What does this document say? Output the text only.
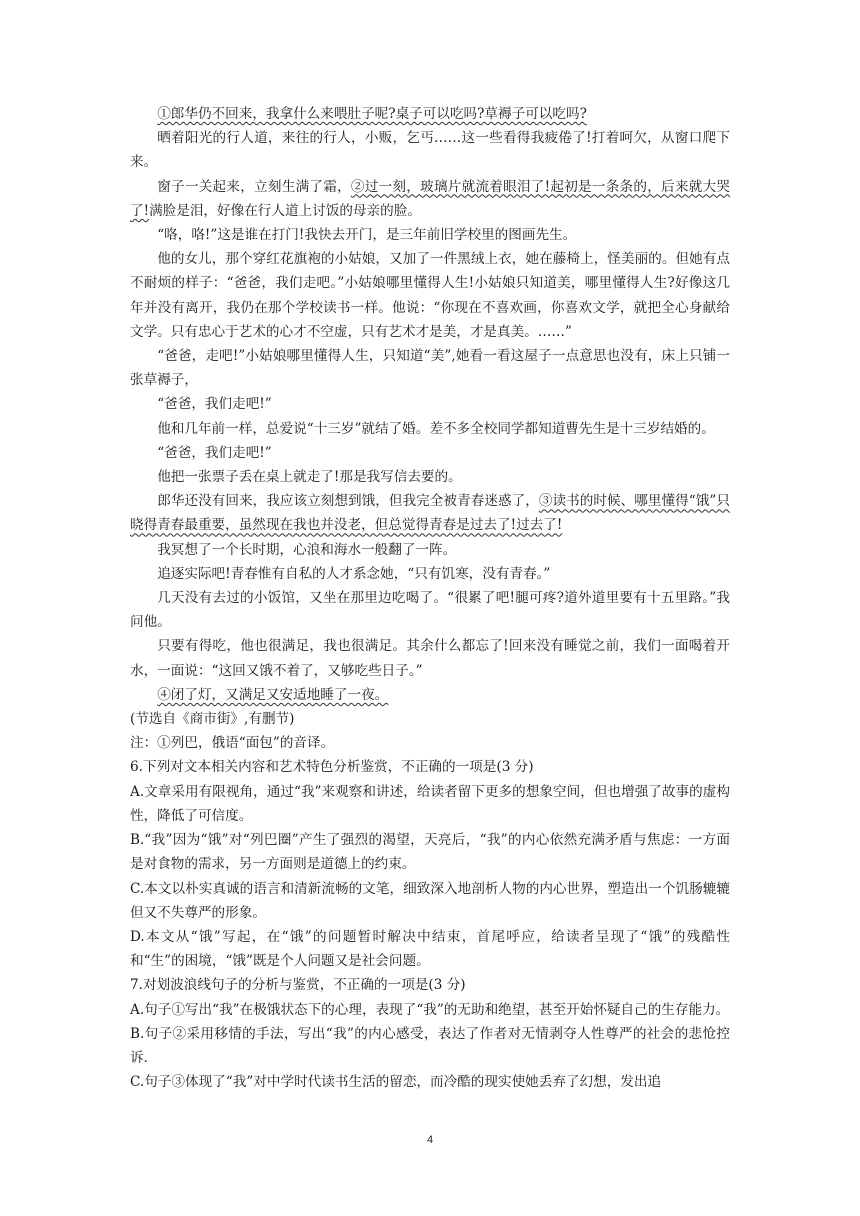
①郎华仍不回来，我拿什么来喂肚子呢?桌子可以吃吗?草褥子可以吃吗?

晒着阳光的行人道，来往的行人，小贩，乞丐……这一些看得我疲倦了!打着呵欠，从窗口爬下来。

窗子一关起来，立刻生满了霜，②过一刻，玻璃片就流着眼泪了!起初是一条条的，后来就大哭了!满脸是泪，好像在行人道上讨饭的母亲的脸。

“咯，咯!”这是谁在打门!我快去开门，是三年前旧学校里的图画先生。

他的女儿，那个穿红花旗袍的小姑娘，又加了一件黑绒上衣，她在藤椅上，怪美丽的。但她有点不耐烦的样子：“爸爸，我们走吧。”小姑娘哪里懂得人生!小姑娘只知道美，哪里懂得人生?好像这几年并没有离开，我仍在那个学校读书一样。他说：“你现在不喜欢画，你喜欢文学，就把全心身献给文学。只有忠心于艺术的心才不空虚，只有艺术才是美，才是真美。……”

“爸爸，走吧!”小姑娘哪里懂得人生，只知道“美”,她看一看这屋子一点意思也没有，床上只铺一张草褥子，

“爸爸，我们走吧!”

他和几年前一样，总爱说“十三岁”就结了婚。差不多全校同学都知道曹先生是十三岁结婚的。

“爸爸，我们走吧!”

他把一张票子丢在桌上就走了!那是我写信去要的。

郎华还没有回来，我应该立刻想到饿，但我完全被青春迷惑了，③读书的时候、哪里懂得“饿”只晓得青春最重要，虽然现在我也并没老，但总觉得青春是过去了!过去了!

我冥想了一个长时期，心浪和海水一般翻了一阵。

追逐实际吧!青春惟有自私的人才系念她，“只有饥寒，没有青春。”

几天没有去过的小饭馆，又坐在那里边吃喝了。“很累了吧!腿可疼?道外道里要有十五里路。”我问他。

只要有得吃，他也很满足，我也很满足。其余什么都忘了!回来没有睡觉之前，我们一面喝着开水，一面说：“这回又饿不着了，又够吃些日子。”

④闭了灯，又满足又安适地睡了一夜。

(节选自《商市街》,有删节)

注：①列巴，俄语“面包”的音译。

6.下列对文本相关内容和艺术特色分析鉴赏，不正确的一项是(3 分)

A.文章采用有限视角，通过“我”来观察和讲述，给读者留下更多的想象空间，但也增强了故事的虚构性，降低了可信度。

B.“我”因为“饿”对“列巴圈”产生了强烈的渴望，天亮后，“我”的内心依然充满矛盾与焦虑：一方面是对食物的需求，另一方面则是道德上的约束。

C.本文以朴实真诚的语言和清新流畅的文笔，细致深入地剖析人物的内心世界，塑造出一个饥肠辘辘但又不失尊严的形象。

D.本文从“饿”写起，在“饿”的问题暂时解决中结束，首尾呼应，给读者呈现了“饿”的残酷性和“生”的困境，“饿”既是个人问题又是社会问题。

7.对划波浪线句子的分析与鉴赏，不正确的一项是(3 分)

A.句子①写出“我”在极饿状态下的心理，表现了“我”的无助和绝望，甚至开始怀疑自己的生存能力。

B.句子②采用移情的手法，写出“我”的内心感受，表达了作者对无情剥夺人性尊严的社会的悲怆控诉.

C.句子③体现了“我”对中学时代读书生活的留恋，而冷酷的现实使她丢弃了幻想，发出追

4
